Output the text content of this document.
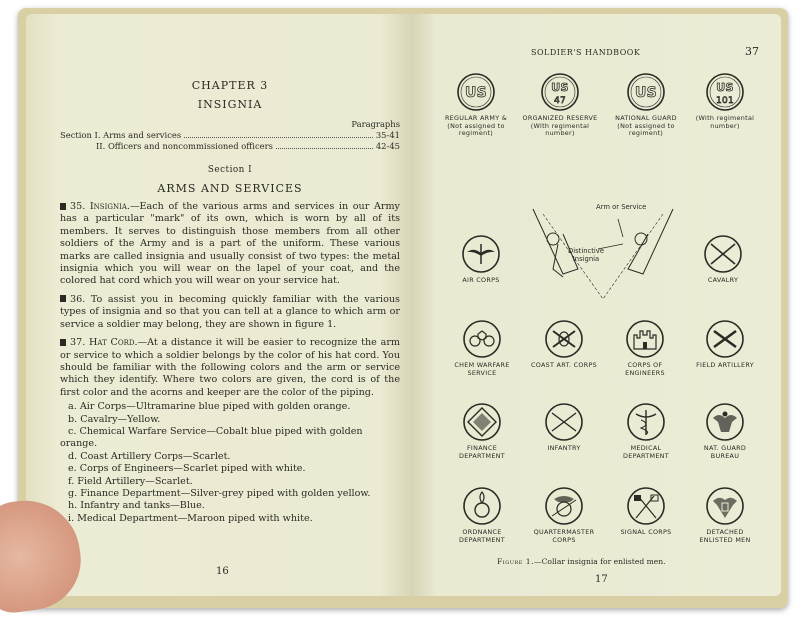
CHAPTER 3
INSIGNIA
Paragraphs
Section I. Arms and services	35-41
II. Officers and noncommissioned officers	42-45
Section I
ARMS AND SERVICES

35. Insignia.—Each of the various arms and services in our Army has a particular "mark" of its own, which is worn by all of its members. It serves to distinguish those members from all other soldiers of the Army and is a part of the uniform. These various marks are called insignia and usually consist of two types: the metal insignia which you will wear on the lapel of your coat, and the colored hat cord which you will wear on your service hat.

36. To assist you in becoming quickly familiar with the various types of insignia and so that you can tell at a glance to which arm or service a soldier may belong, they are shown in figure 1.

37. Hat Cord.—At a distance it will be easier to recognize the arm or service to which a soldier belongs by the color of his hat cord. You should be familiar with the following colors and the arm or service which they identify. Where two colors are given, the cord is of the first color and the acorns and keeper are the color of the piping.

a. Air Corps—Ultramarine blue piped with golden orange.
b. Cavalry—Yellow.
c. Chemical Warfare Service—Cobalt blue piped with golden orange.
d. Coast Artillery Corps—Scarlet.
e. Corps of Engineers—Scarlet piped with white.
f. Field Artillery—Scarlet.
g. Finance Department—Silver-grey piped with golden yellow.
h. Infantry and tanks—Blue.
i. Medical Department—Maroon piped with white.
16
SOLDIER'S HANDBOOK	37
US
REGULAR ARMY & (Not assigned to regiment)
US
47
ORGANIZED RESERVE (With regimental number)
US
NATIONAL GUARD (Not assigned to regiment)
US
101
(With regimental number)
AIR CORPS
Arm or Service
Distinctive Insignia
CAVALRY
CHEM WARFARE SERVICE
COAST ART. CORPS	CORPS OF ENGINEERS
FIELD ARTILLERY
FINANCE DEPARTMENT
INFANTRY	MEDICAL DEPARTMENT
NAT. GUARD BUREAU
ORDNANCE DEPARTMENT
QUARTERMASTER CORPS
SIGNAL CORPS	DETACHED ENLISTED MEN
Figure 1.—Collar insignia for enlisted men.
17
